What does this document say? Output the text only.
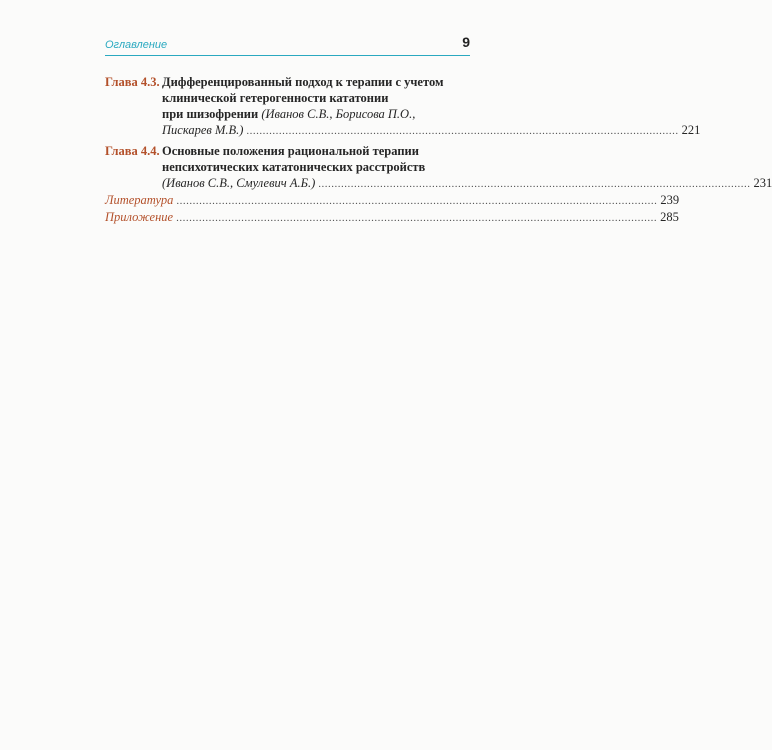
Оглавление	9
Глава 4.3. Дифференцированный подход к терапии с учетом
клинической гетерогенности кататонии
при шизофрении (Иванов С.В., Борисова П.О.,
Пискарев М.В.) ..................................................................................................................................... 221
Глава 4.4. Основные положения рациональной терапии
непсихотических кататонических расстройств
(Иванов С.В., Смулевич А.Б.) ..................................................................................................................................... 231
Литература .................................................................................................................................................... 239
Приложение .................................................................................................................................................... 285
